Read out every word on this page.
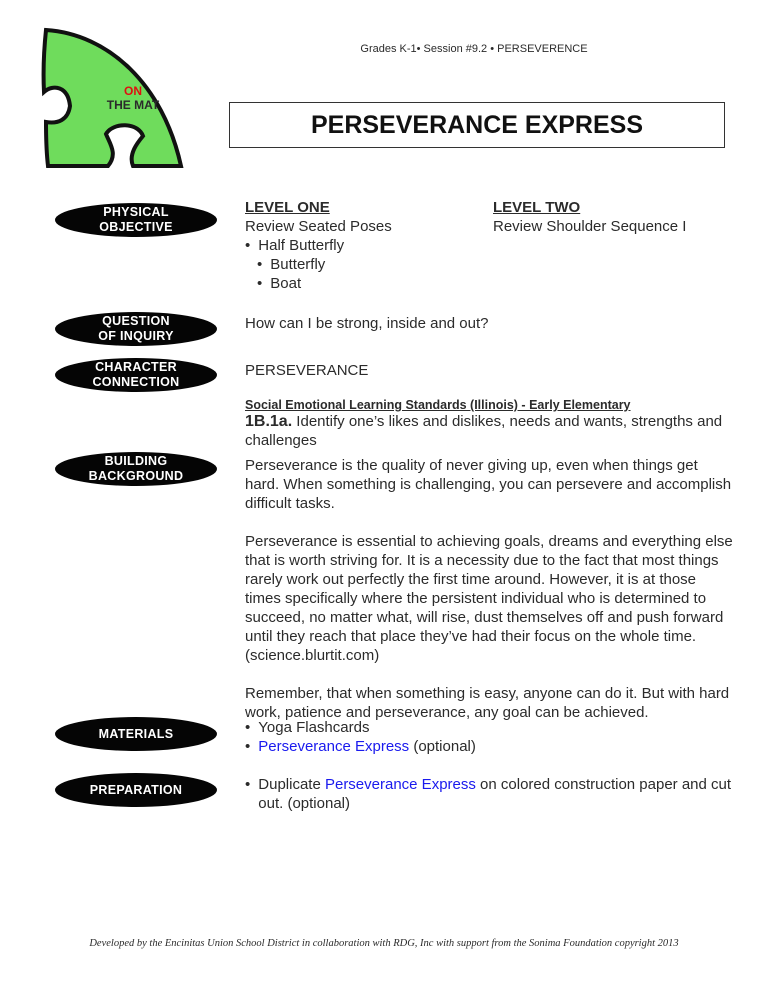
Grades K-1• Session #9.2 • PERSEVERENCE
ON
THE MAT
PERSEVERANCE EXPRESS
PHYSICAL
OBJECTIVE
QUESTION
OF INQUIRY
CHARACTER
CONNECTION
BUILDING
BACKGROUND
MATERIALS
PREPARATION
LEVEL ONE
Review Seated Poses
• Half Butterfly
• Butterfly
• Boat
LEVEL TWO
Review Shoulder Sequence I
How can I be strong, inside and out?
PERSEVERANCE
Social Emotional Learning Standards (Illinois) - Early Elementary
1B.1a. Identify one’s likes and dislikes, needs and wants, strengths and challenges

Perseverance is the quality of never giving up, even when things get hard. When something is challenging, you can persevere and accomplish difficult tasks.

Perseverance is essential to achieving goals, dreams and everything else that is worth striving for. It is a necessity due to the fact that most things rarely work out perfectly the first time around. However, it is at those times specifically where the persistent individual who is determined to succeed, no matter what, will rise, dust themselves off and push forward until they reach that place they’ve had their focus on the whole time. (science.blurtit.com)

Remember, that when something is easy, anyone can do it. But with hard work, patience and perseverance, any goal can be achieved.

• Yoga Flashcards
• Perseverance Express (optional)
• Duplicate Perseverance Express on colored construction paper and cut out. (optional)
Developed by the Encinitas Union School District in collaboration with RDG, Inc with support from the Sonima Foundation copyright 2013
